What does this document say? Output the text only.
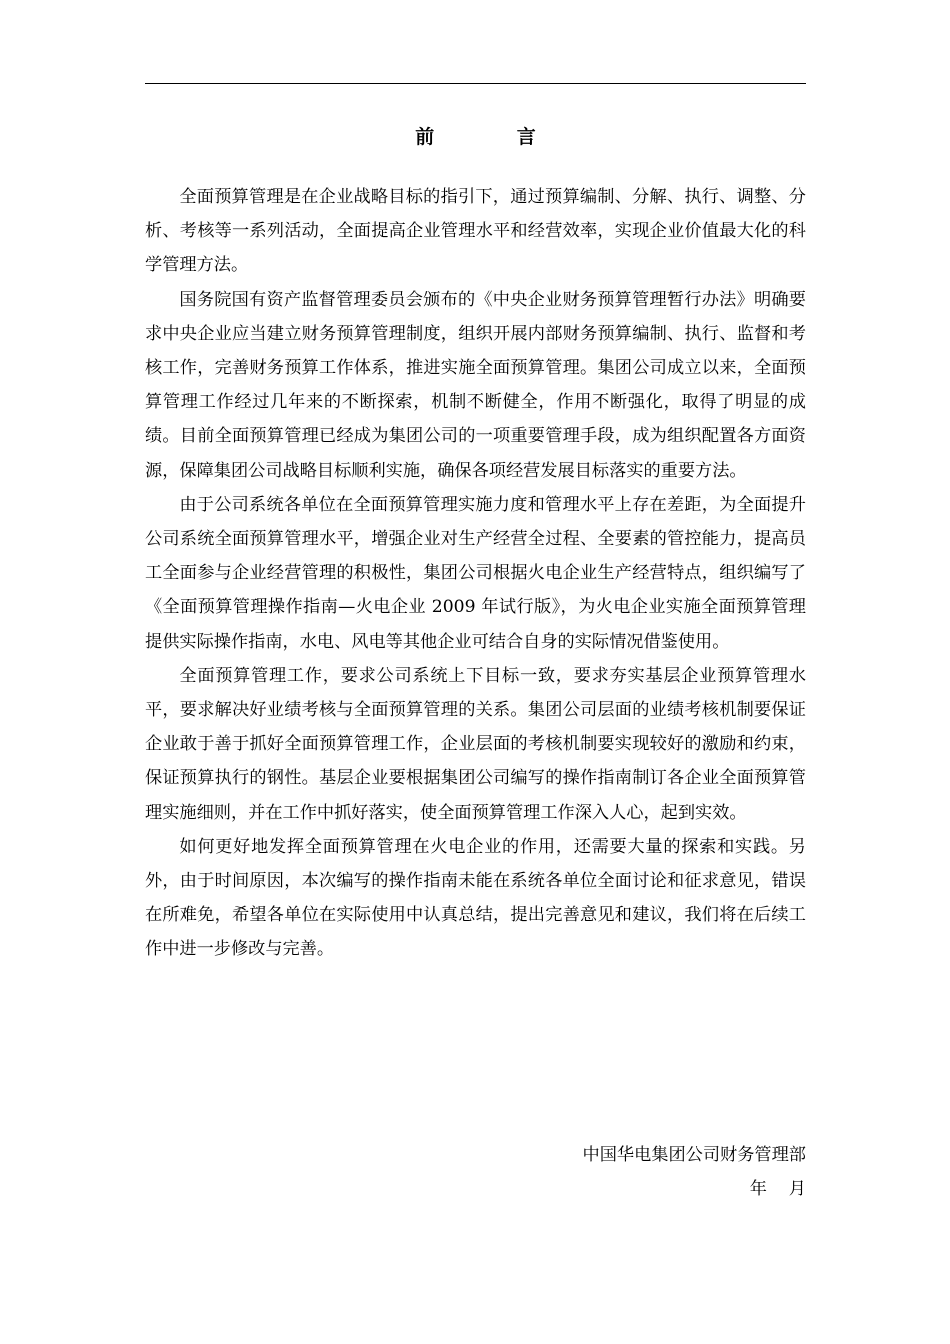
前 言

全面预算管理是在企业战略目标的指引下，通过预算编制、分解、执行、调整、分析、考核等一系列活动，全面提高企业管理水平和经营效率，实现企业价值最大化的科学管理方法。

国务院国有资产监督管理委员会颁布的《中央企业财务预算管理暂行办法》明确要求中央企业应当建立财务预算管理制度，组织开展内部财务预算编制、执行、监督和考核工作，完善财务预算工作体系，推进实施全面预算管理。集团公司成立以来，全面预算管理工作经过几年来的不断探索，机制不断健全，作用不断强化，取得了明显的成绩。目前全面预算管理已经成为集团公司的一项重要管理手段，成为组织配置各方面资源，保障集团公司战略目标顺利实施，确保各项经营发展目标落实的重要方法。

由于公司系统各单位在全面预算管理实施力度和管理水平上存在差距，为全面提升公司系统全面预算管理水平，增强企业对生产经营全过程、全要素的管控能力，提高员工全面参与企业经营管理的积极性，集团公司根据火电企业生产经营特点，组织编写了《全面预算管理操作指南—火电企业 2009 年试行版》，为火电企业实施全面预算管理提供实际操作指南，水电、风电等其他企业可结合自身的实际情况借鉴使用。

全面预算管理工作，要求公司系统上下目标一致，要求夯实基层企业预算管理水平，要求解决好业绩考核与全面预算管理的关系。集团公司层面的业绩考核机制要保证企业敢于善于抓好全面预算管理工作，企业层面的考核机制要实现较好的激励和约束，保证预算执行的钢性。基层企业要根据集团公司编写的操作指南制订各企业全面预算管理实施细则，并在工作中抓好落实，使全面预算管理工作深入人心，起到实效。

如何更好地发挥全面预算管理在火电企业的作用，还需要大量的探索和实践。另外，由于时间原因，本次编写的操作指南未能在系统各单位全面讨论和征求意见，错误在所难免，希望各单位在实际使用中认真总结，提出完善意见和建议，我们将在后续工作中进一步修改与完善。

中国华电集团公司财务管理部
年    月
